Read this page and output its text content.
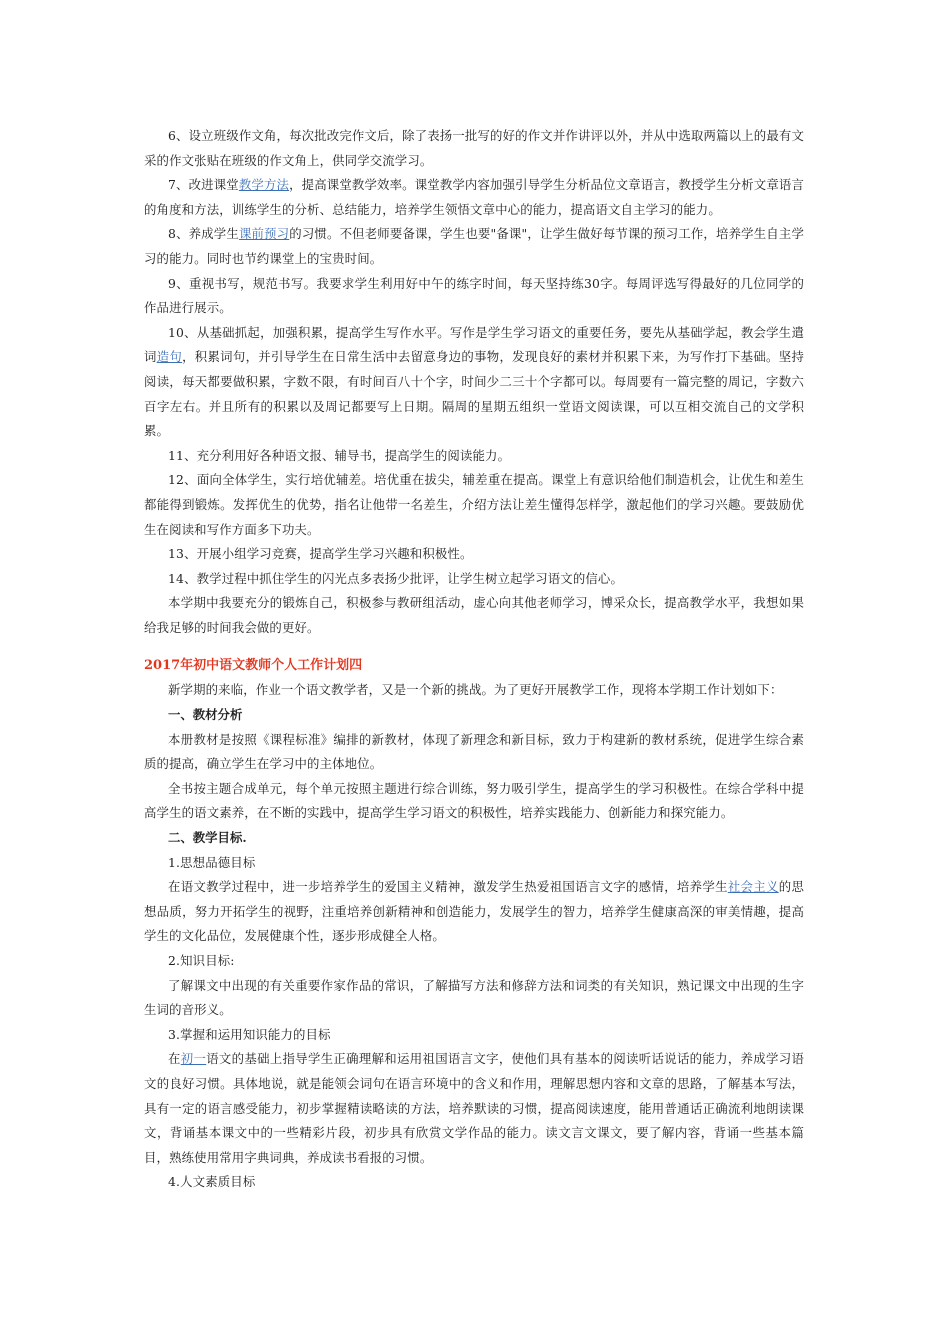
6、设立班级作文角，每次批改完作文后，除了表扬一批写的好的作文并作讲评以外，并从中选取两篇以上的最有文采的作文张贴在班级的作文角上，供同学交流学习。

7、改进课堂教学方法，提高课堂教学效率。课堂教学内容加强引导学生分析品位文章语言，教授学生分析文章语言的角度和方法，训练学生的分析、总结能力，培养学生领悟文章中心的能力，提高语文自主学习的能力。

8、养成学生课前预习的习惯。不但老师要备课，学生也要"备课"，让学生做好每节课的预习工作，培养学生自主学习的能力。同时也节约课堂上的宝贵时间。

9、重视书写，规范书写。我要求学生利用好中午的练字时间，每天坚持练30字。每周评选写得最好的几位同学的作品进行展示。

10、从基础抓起，加强积累，提高学生写作水平。写作是学生学习语文的重要任务，要先从基础学起，教会学生遣词造句，积累词句，并引导学生在日常生活中去留意身边的事物，发现良好的素材并积累下来，为写作打下基础。坚持阅读，每天都要做积累，字数不限，有时间百八十个字，时间少二三十个字都可以。每周要有一篇完整的周记，字数六百字左右。并且所有的积累以及周记都要写上日期。隔周的星期五组织一堂语文阅读课，可以互相交流自己的文学积累。

11、充分利用好各种语文报、辅导书，提高学生的阅读能力。

12、面向全体学生，实行培优辅差。培优重在拔尖，辅差重在提高。课堂上有意识给他们制造机会，让优生和差生都能得到锻炼。发挥优生的优势，指名让他带一名差生，介绍方法让差生懂得怎样学，激起他们的学习兴趣。要鼓励优生在阅读和写作方面多下功夫。

13、开展小组学习竞赛，提高学生学习兴趣和积极性。

14、教学过程中抓住学生的闪光点多表扬少批评，让学生树立起学习语文的信心。

本学期中我要充分的锻炼自己，积极参与教研组活动，虚心向其他老师学习，博采众长，提高教学水平，我想如果给我足够的时间我会做的更好。

2017年初中语文教师个人工作计划四

新学期的来临，作业一个语文教学者，又是一个新的挑战。为了更好开展教学工作，现将本学期工作计划如下：

一、教材分析

本册教材是按照《课程标准》编排的新教材，体现了新理念和新目标，致力于构建新的教材系统，促进学生综合素质的提高，确立学生在学习中的主体地位。

全书按主题合成单元，每个单元按照主题进行综合训练，努力吸引学生，提高学生的学习积极性。在综合学科中提高学生的语文素养，在不断的实践中，提高学生学习语文的积极性，培养实践能力、创新能力和探究能力。

二、教学目标.

1.思想品德目标

在语文教学过程中，进一步培养学生的爱国主义精神，激发学生热爱祖国语言文字的感情，培养学生社会主义的思想品质，努力开拓学生的视野，注重培养创新精神和创造能力，发展学生的智力，培养学生健康高深的审美情趣，提高学生的文化品位，发展健康个性，逐步形成健全人格。

2.知识目标:

了解课文中出现的有关重要作家作品的常识，了解描写方法和修辞方法和词类的有关知识，熟记课文中出现的生字生词的音形义。

3.掌握和运用知识能力的目标

在初一语文的基础上指导学生正确理解和运用祖国语言文字，使他们具有基本的阅读听话说话的能力，养成学习语文的良好习惯。具体地说，就是能领会词句在语言环境中的含义和作用，理解思想内容和文章的思路，了解基本写法，具有一定的语言感受能力，初步掌握精读略读的方法，培养默读的习惯，提高阅读速度，能用普通话正确流利地朗读课文，背诵基本课文中的一些精彩片段，初步具有欣赏文学作品的能力。读文言文课文，要了解内容，背诵一些基本篇目，熟练使用常用字典词典，养成读书看报的习惯。

4.人文素质目标
